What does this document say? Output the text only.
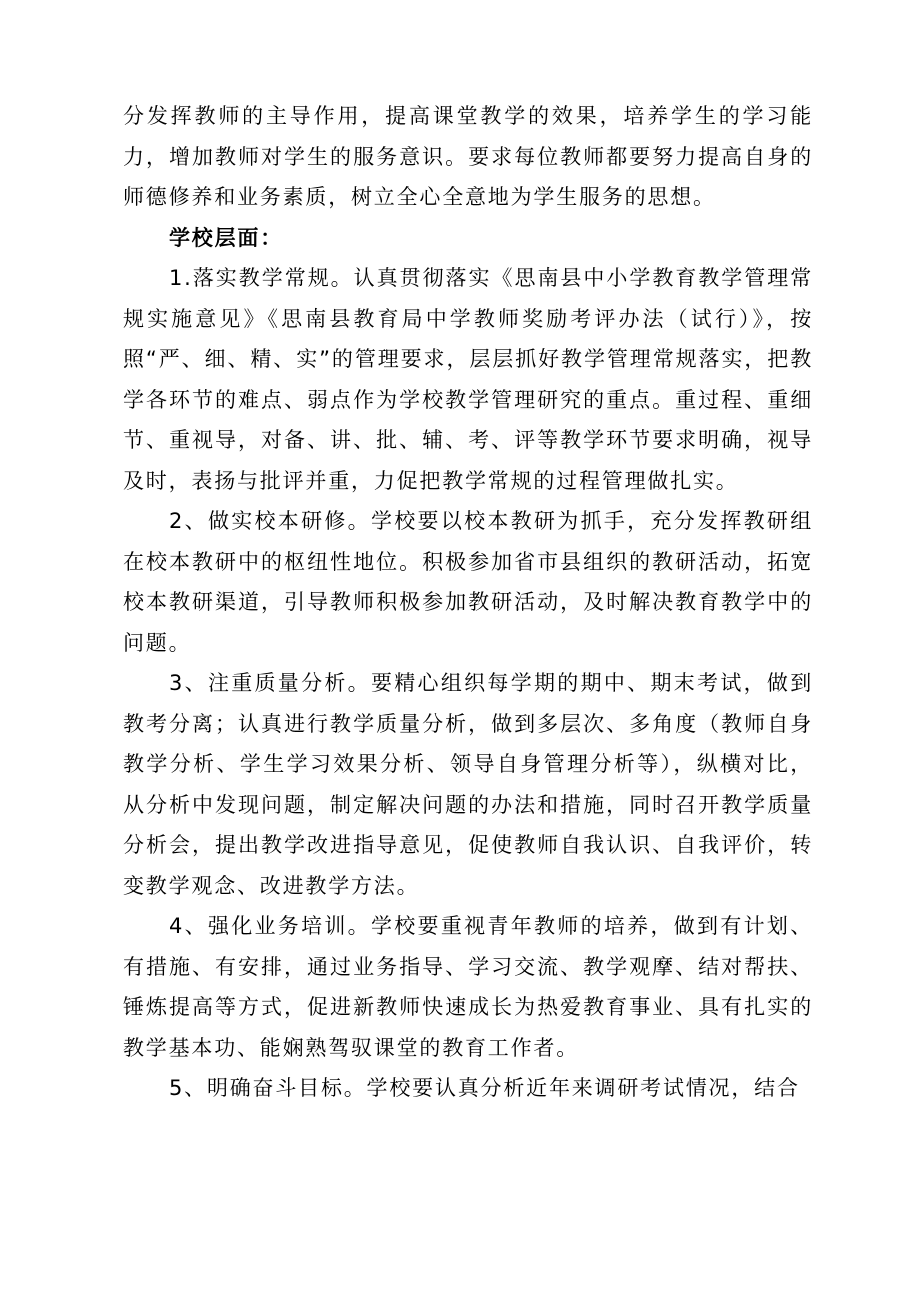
分发挥教师的主导作用，提高课堂教学的效果，培养学生的学习能力，增加教师对学生的服务意识。要求每位教师都要努力提高自身的师德修养和业务素质，树立全心全意地为学生服务的思想。

学校层面：

1.落实教学常规。认真贯彻落实《思南县中小学教育教学管理常规实施意见》《思南县教育局中学教师奖励考评办法（试行）》，按照“严、细、精、实”的管理要求，层层抓好教学管理常规落实，把教学各环节的难点、弱点作为学校教学管理研究的重点。重过程、重细节、重视导，对备、讲、批、辅、考、评等教学环节要求明确，视导及时，表扬与批评并重，力促把教学常规的过程管理做扎实。

2、做实校本研修。学校要以校本教研为抓手，充分发挥教研组在校本教研中的枢纽性地位。积极参加省市县组织的教研活动，拓宽校本教研渠道，引导教师积极参加教研活动，及时解决教育教学中的问题。

3、注重质量分析。要精心组织每学期的期中、期末考试，做到教考分离；认真进行教学质量分析，做到多层次、多角度（教师自身教学分析、学生学习效果分析、领导自身管理分析等），纵横对比，从分析中发现问题，制定解决问题的办法和措施，同时召开教学质量分析会，提出教学改进指导意见，促使教师自我认识、自我评价，转变教学观念、改进教学方法。

4、强化业务培训。学校要重视青年教师的培养，做到有计划、有措施、有安排，通过业务指导、学习交流、教学观摩、结对帮扶、锤炼提高等方式，促进新教师快速成长为热爱教育事业、具有扎实的教学基本功、能娴熟驾驭课堂的教育工作者。

5、明确奋斗目标。学校要认真分析近年来调研考试情况，结合
